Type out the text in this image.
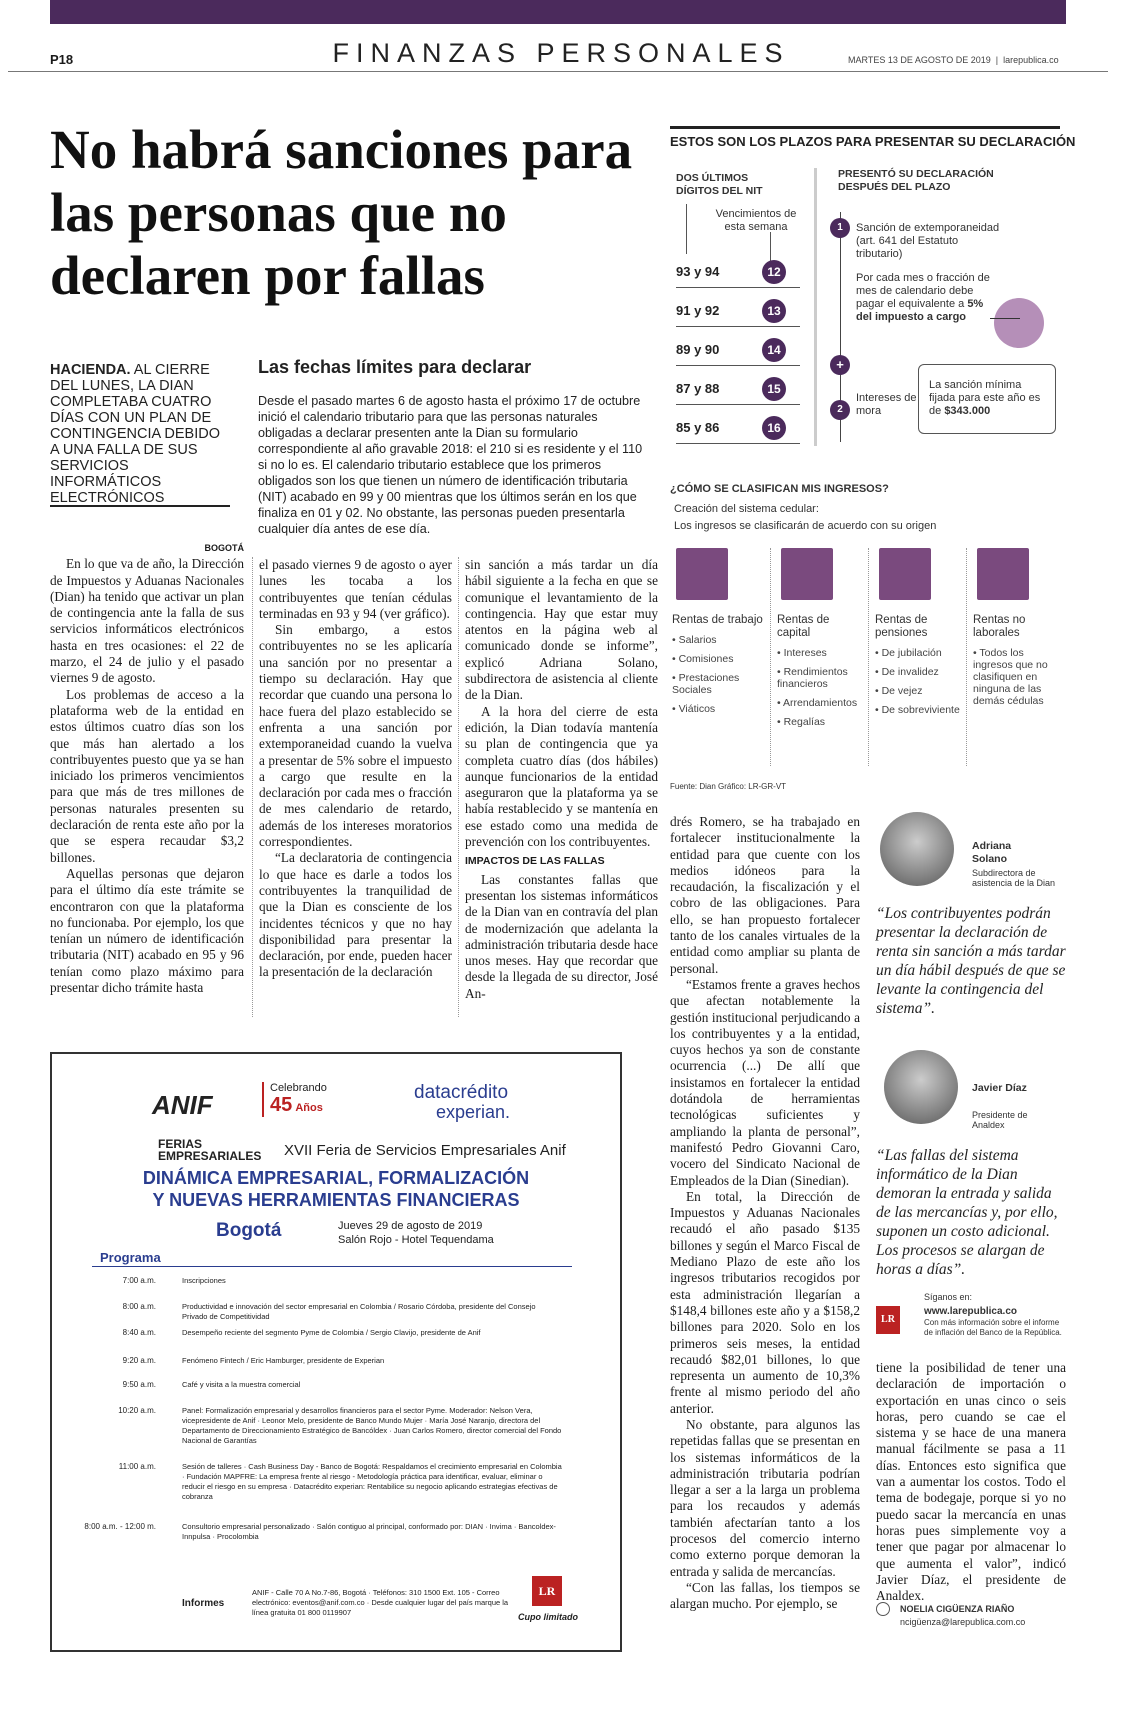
P18	FINANZAS PERSONALES	MARTES 13 DE AGOSTO DE 2019  |  larepublica.co
No habrá sanciones para las personas que no declaren por fallas
HACIENDA. AL CIERRE DEL LUNES, LA DIAN COMPLETABA CUATRO DÍAS CON UN PLAN DE CONTINGENCIA DEBIDO A UNA FALLA DE SUS SERVICIOS INFORMÁTICOS ELECTRÓNICOS
Las fechas límites para declarar
Desde el pasado martes 6 de agosto hasta el próximo 17 de octubre inició el calendario tributario para que las personas naturales obligadas a declarar presenten ante la Dian su formulario correspondiente al año gravable 2018: el 210 si es residente y el 110 si no lo es. El calendario tributario establece que los primeros obligados son los que tienen un número de identificación tributaria (NIT) acabado en 99 y 00 mientras que los últimos serán en los que finaliza en 01 y 02. No obstante, las personas pueden presentarla cualquier día antes de ese día.
BOGOTÁ

En lo que va de año, la Dirección de Impuestos y Aduanas Nacionales (Dian) ha tenido que activar un plan de contingencia ante la falla de sus servicios informáticos electrónicos hasta en tres ocasiones: el 22 de marzo, el 24 de julio y el pasado viernes 9 de agosto.

Los problemas de acceso a la plataforma web de la entidad en estos últimos cuatro días son los que más han alertado a los contribuyentes puesto que ya se han iniciado los primeros vencimientos para que más de tres millones de personas naturales presenten su declaración de renta este año por la que se espera recaudar $3,2 billones.

Aquellas personas que dejaron para el último día este trámite se encontraron con que la plataforma no funcionaba. Por ejemplo, los que tenían un número de identificación tributaria (NIT) acabado en 95 y 96 tenían como plazo máximo para presentar dicho trámite hasta

el pasado viernes 9 de agosto o ayer lunes les tocaba a los contribuyentes que tenían cédulas terminadas en 93 y 94 (ver gráfico).

Sin embargo, a estos contribuyentes no se les aplicaría una sanción por no presentar a tiempo su declaración. Hay que recordar que cuando una persona lo hace fuera del plazo establecido se enfrenta a una sanción por extemporaneidad cuando la vuelva a presentar de 5% sobre el impuesto a cargo que resulte en la declaración por cada mes o fracción de mes calendario de retardo, además de los intereses moratorios correspondientes.

“La declaratoria de contingencia lo que hace es darle a todos los contribuyentes la tranquilidad de que la Dian es consciente de los incidentes técnicos y que no hay disponibilidad para presentar la declaración, por ende, pueden hacer la presentación de la declaración

sin sanción a más tardar un día hábil siguiente a la fecha en que se comunique el levantamiento de la contingencia. Hay que estar muy atentos en la página web al comunicado donde se informe”, explicó Adriana Solano, subdirectora de asistencia al cliente de la Dian.

A la hora del cierre de esta edición, la Dian todavía mantenía su plan de contingencia que ya completa cuatro días (dos hábiles) aunque funcionarios de la entidad aseguraron que la plataforma ya se había restablecido y se mantenía en ese estado como una medida de prevención con los contribuyentes.

IMPACTOS DE LAS FALLAS

Las constantes fallas que presentan los sistemas informáticos de la Dian van en contravía del plan de modernización que adelanta la administración tributaria desde hace unos meses. Hay que recordar que desde la llegada de su director, José An-

drés Romero, se ha trabajado en fortalecer institucionalmente la entidad para que cuente con los medios idóneos para la recaudación, la fiscalización y el cobro de las obligaciones. Para ello, se han propuesto fortalecer tanto de los canales virtuales de la entidad como ampliar su planta de personal.

“Estamos frente a graves hechos que afectan notablemente la gestión institucional perjudicando a los contribuyentes y a la entidad, cuyos hechos ya son de constante ocurrencia (...) De allí que insistamos en fortalecer la entidad dotándola de herramientas tecnológicas suficientes y ampliando la planta de personal”, manifestó Pedro Giovanni Caro, vocero del Sindicato Nacional de Empleados de la Dian (Sinedian).

En total, la Dirección de Impuestos y Aduanas Nacionales recaudó el año pasado $135 billones y según el Marco Fiscal de Mediano Plazo de este año los ingresos tributarios recogidos por esta administración llegarían a $148,4 billones este año y a $158,2 billones para 2020. Solo en los primeros seis meses, la entidad recaudó $82,01 billones, lo que representa un aumento de 10,3% frente al mismo periodo del año anterior.

No obstante, para algunos las repetidas fallas que se presentan en los sistemas informáticos de la administración tributaria podrían llegar a ser a la larga un problema para los recaudos y además también afectarían tanto a los procesos del comercio interno como externo porque demoran la entrada y salida de mercancías.

“Con las fallas, los tiempos se alargan mucho. Por ejemplo, se

ESTOS SON LOS PLAZOS PARA PRESENTAR SU DECLARACIÓN
DOS ÚLTIMOS DÍGITOS DEL NIT
Vencimientos de esta semana
93 y 94	12
91 y 92	13
89 y 90	14
87 y 88	15
85 y 86	16
PRESENTÓ SU DECLARACIÓN DESPUÉS DEL PLAZO
1	Sanción de extemporaneidad (art. 641 del Estatuto tributario)
Por cada mes o fracción de mes de calendario debe pagar el equivalente a 5% del impuesto a cargo
+
2
Intereses de mora
La sanción mínima fijada para este año es de $343.000
¿CÓMO SE CLASIFICAN MIS INGRESOS?
Creación del sistema cedular:
Los ingresos se clasificarán de acuerdo con su origen
Rentas de trabajo
• Salarios
• Comisiones
• Prestaciones Sociales
• Viáticos
Rentas de capital
• Intereses
• Rendimientos financieros
• Arrendamientos
• Regalías
Rentas de pensiones
• De jubilación
• De invalidez
• De vejez
• De sobreviviente
Rentas no laborales
• Todos los ingresos que no clasifiquen en ninguna de las demás cédulas
Fuente: Dian Gráfico: LR-GR-VT
Adriana Solano
Subdirectora de asistencia de la Dian
“Los contribuyentes podrán presentar la declaración de renta sin sanción a más tardar un día hábil después de que se levante la contingencia del sistema”.
Javier Díaz
Presidente de Analdex
“Las fallas del sistema informático de la Dian demoran la entrada y salida de las mercancías y, por ello, suponen un costo adicional. Los procesos se alargan de horas a días”.
Síganos en:
LR
www.larepublica.co
Con más información sobre el informe de inflación del Banco de la República.

tiene la posibilidad de tener una declaración de importación o exportación en unas cinco o seis horas, pero cuando se cae el sistema y se hace de una manera manual fácilmente se pasa a 11 días. Entonces esto significa que van a aumentar los costos. Todo el tema de bodegaje, porque si yo no puedo sacar la mercancía en unas horas pues simplemente voy a tener que pagar por almacenar lo que aumenta el valor”, indicó Javier Díaz, el presidente de Analdex.

NOELIA CIGÜENZA RIAÑO
ncigüenza@larepublica.com.co
ANIF
Celebrando
45 Años
datacrédito
experian.
FERIAS EMPRESARIALES	XVII Feria de Servicios Empresariales Anif
DINÁMICA EMPRESARIAL, FORMALIZACIÓN
Y NUEVAS HERRAMIENTAS FINANCIERAS
Bogotá	Jueves 29 de agosto de 2019
Salón Rojo - Hotel Tequendama
Programa
7:00 a.m.	Inscripciones
8:00 a.m.	Productividad e innovación del sector empresarial en Colombia / Rosario Córdoba, presidente del Consejo Privado de Competitividad
8:40 a.m.	Desempeño reciente del segmento Pyme de Colombia / Sergio Clavijo, presidente de Anif
9:20 a.m.	Fenómeno Fintech / Eric Hamburger, presidente de Experian
9:50 a.m.	Café y visita a la muestra comercial
10:20 a.m.	Panel: Formalización empresarial y desarrollos financieros para el sector Pyme. Moderador: Nelson Vera, vicepresidente de Anif · Leonor Melo, presidente de Banco Mundo Mujer · María José Naranjo, directora del Departamento de Direccionamiento Estratégico de Bancóldex · Juan Carlos Romero, director comercial del Fondo Nacional de Garantías
11:00 a.m.	Sesión de talleres · Cash Business Day - Banco de Bogotá: Respaldamos el crecimiento empresarial en Colombia · Fundación MAPFRE: La empresa frente al riesgo - Metodología práctica para identificar, evaluar, eliminar o reducir el riesgo en su empresa · Datacrédito experian: Rentabilice su negocio aplicando estrategias efectivas de cobranza
8:00 a.m. - 12:00 m.	Consultorio empresarial personalizado · Salón contiguo al principal, conformado por: DIAN · Invima · Bancoldex-Innpulsa · Procolombia
Informes
ANIF - Calle 70 A No.7-86, Bogotá · Teléfonos: 310 1500 Ext. 105 - Correo electrónico: eventos@anif.com.co · Desde cualquier lugar del país marque la línea gratuita 01 800 0119907
LR
Cupo limitado
